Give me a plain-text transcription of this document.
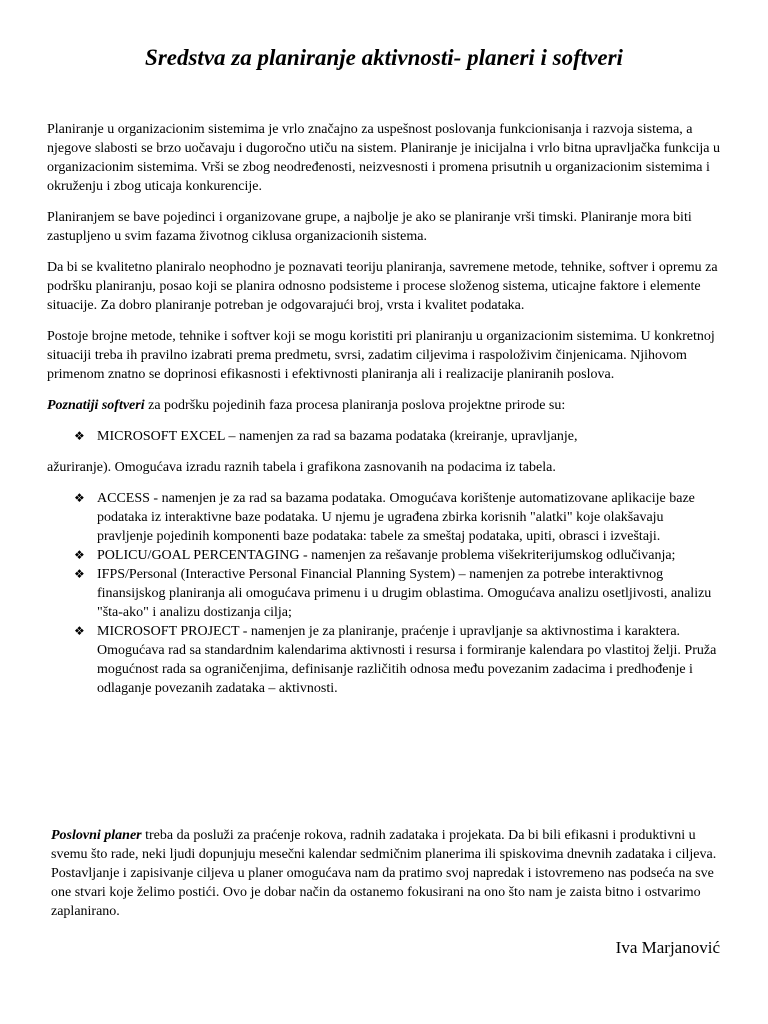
Sredstva za planiranje aktivnosti- planeri i softveri

Planiranje u organizacionim sistemima je vrlo značajno za uspešnost poslovanja funkcionisanja i razvoja sistema, a njegove slabosti se brzo uočavaju i dugoročno utiču na sistem. Planiranje je inicijalna i vrlo bitna upravljačka funkcija u organizacionim sistemima. Vrši se zbog neodređenosti, neizvesnosti i promena prisutnih u organizacionim sistemima i okruženju i zbog uticaja konkurencije.

Planiranjem se bave pojedinci i organizovane grupe, a najbolje je ako se planiranje vrši timski. Planiranje mora biti zastupljeno u svim fazama životnog ciklusa organizacionih sistema.

Da bi se kvalitetno planiralo neophodno je poznavati teoriju planiranja, savremene metode, tehnike, softver i opremu za podršku planiranju, posao koji se planira odnosno podsisteme i procese složenog sistema, uticajne faktore i elemente situacije. Za dobro planiranje potreban je odgovarajući broj, vrsta i kvalitet podataka.

Postoje brojne metode, tehnike i softver koji se mogu koristiti pri planiranju u organizacionim sistemima. U konkretnoj situaciji treba ih pravilno izabrati prema predmetu, svrsi, zadatim ciljevima i raspoloživim činjenicama. Njihovom primenom znatno se doprinosi efikasnosti i efektivnosti planiranja ali i realizacije planiranih poslova.

Poznatiji softveri za podršku pojedinih faza procesa planiranja poslova projektne prirode su:

❖ MICROSOFT EXCEL – namenjen za rad sa bazama podataka (kreiranje, upravljanje,

ažuriranje). Omogućava izradu raznih tabela i grafikona zasnovanih na podacima iz tabela.

❖ ACCESS - namenjen je za rad sa bazama podataka. Omogućava korištenje automatizovane aplikacije baze podataka iz interaktivne baze podataka. U njemu je ugrađena zbirka korisnih "alatki" koje olakšavaju pravljenje pojedinih komponenti baze podataka: tabele za smeštaj podataka, upiti, obrasci i izveštaji.
❖ POLICU/GOAL PERCENTAGING - namenjen za rešavanje problema višekriterijumskog odlučivanja;
❖ IFPS/Personal (Interactive Personal Financial Planning System) – namenjen za potrebe interaktivnog finansijskog planiranja ali omogućava primenu i u drugim oblastima. Omogućava analizu osetljivosti, analizu "šta-ako" i analizu dostizanja cilja;
❖ MICROSOFT PROJECT - namenjen je za planiranje, praćenje i upravljanje sa aktivnostima i karaktera. Omogućava rad sa standardnim kalendarima aktivnosti i resursa i formiranje kalendara po vlastitoj želji. Pruža mogućnost rada sa ograničenjima, definisanje različitih odnosa među povezanim zadacima i predhođenje i odlaganje povezanih zadataka – aktivnosti.

Poslovni planer treba da posluži za praćenje rokova, radnih zadataka i projekata. Da bi bili efikasni i produktivni u svemu što rade, neki ljudi dopunjuju mesečni kalendar sedmičnim planerima ili spiskovima dnevnih zadataka i ciljeva. Postavljanje i zapisivanje ciljeva u planer omogućava nam da pratimo svoj napredak i istovremeno nas podseća na sve one stvari koje želimo postići. Ovo je dobar način da ostanemo fokusirani na ono što nam je zaista bitno i ostvarimo zaplanirano.

Iva Marjanović
